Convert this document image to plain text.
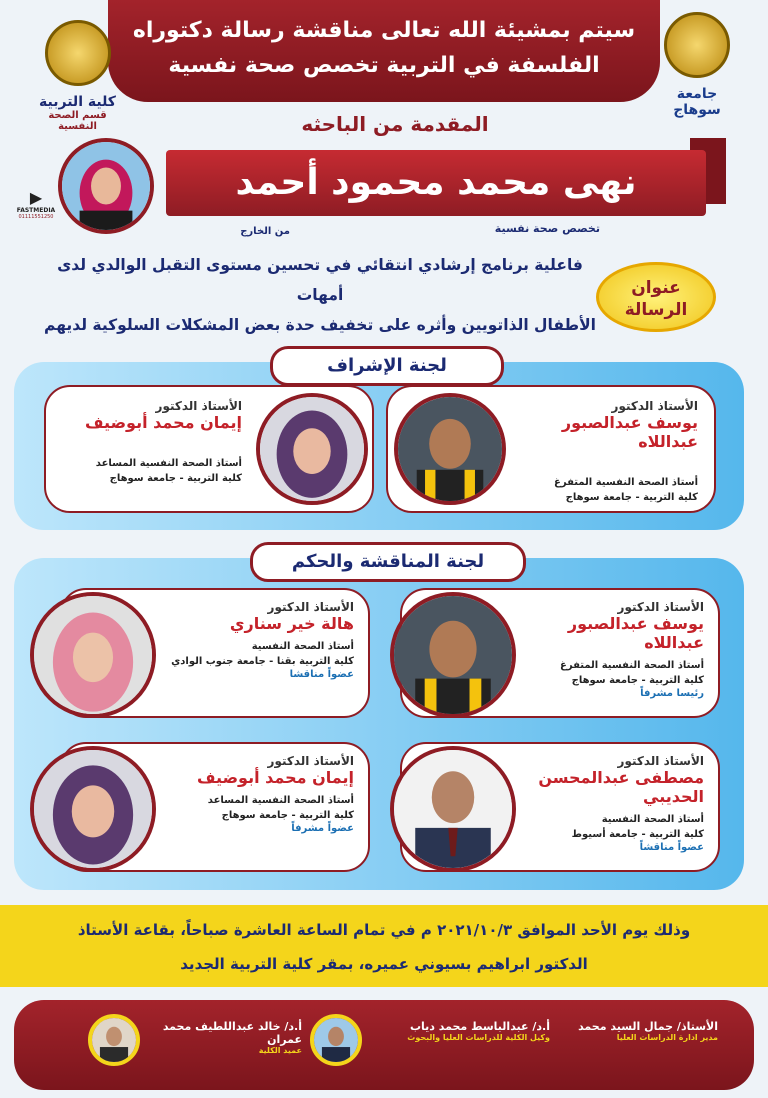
سيتم بمشيئة الله تعالى مناقشة رسالة دكتوراه
الفلسفة في التربية تخصص صحة نفسية
جامعة سوهاج
كلية التربية
قسم الصحة النفسية	المقدمة من الباحثه
نهى محمد محمود أحمد
▶
FASTMEDIA
01111551250
تخصص صحة نفسية
من الخارج
فاعلية برنامج إرشادي انتقائي في تحسين مستوى التقبل الوالدي لدى أمهات
الأطفال الذاتويين وأثره على تخفيف حدة بعض المشكلات السلوكية لديهم
عنوان
الرسالة
لجنة الإشراف
الأستاذ الدكتور
يوسف عبدالصبور عبداللاه
أستاذ الصحة النفسية المتفرغ
كلية التربية - جامعة سوهاج
الأستاذ الدكتور
إيمان محمد أبوضيف
أستاذ الصحة النفسية المساعد
كلية التربية - جامعة سوهاج
لجنة المناقشة والحكم
الأستاذ الدكتور
يوسف عبدالصبور عبداللاه
أستاذ الصحة النفسية المتفرغ
كلية التربية - جامعة سوهاج
رئيسا مشرفاً
الأستاذ الدكتور
هالة خير سناري
أستاذ الصحة النفسية
كلية التربية بقنا - جامعة جنوب الوادي
عضواً مناقشا
الأستاذ الدكتور
مصطفى عبدالمحسن الحديبي
أستاذ الصحة النفسية
كلية التربية - جامعة أسيوط
عضواً مناقشاً
الأستاذ الدكتور
إيمان محمد أبوضيف
أستاذ الصحة النفسية المساعد
كلية التربية - جامعة سوهاج
عضواً مشرفاً
وذلك يوم الأحد الموافق ٢٠٢١/١٠/٣ م في تمام الساعة العاشرة صباحاً، بقاعة الأستاذ
الدكتور ابراهيم بسيوني عميره، بمقر كلية التربية الجديد
الأستاذ/ جمال السيد محمد
مدير ادارة الدراسات العليا
أ.د/ عبدالباسط محمد دياب
وكيل الكلية للدراسات العليا والبحوث
أ.د/ خالد عبداللطيف محمد عمران
عميد الكلية
